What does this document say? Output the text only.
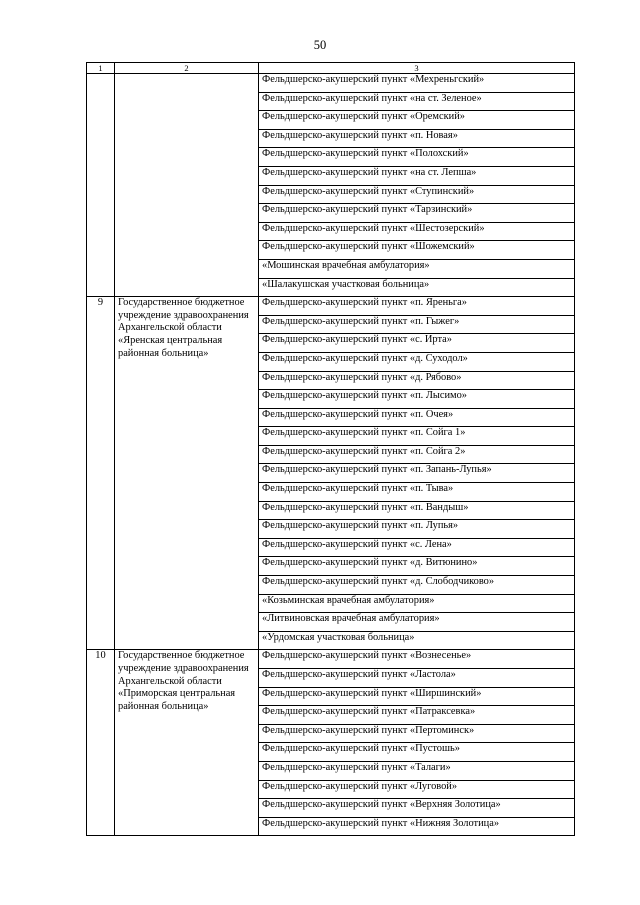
50
1	2	3
		Фельдшерско-акушерский пункт «Мехреньгский»
		Фельдшерско-акушерский пункт «на ст. Зеленое»
		Фельдшерско-акушерский пункт «Оремский»
		Фельдшерско-акушерский пункт «п. Новая»
		Фельдшерско-акушерский пункт «Полохский»
		Фельдшерско-акушерский пункт «на ст. Лепша»
		Фельдшерско-акушерский пункт «Ступинский»
		Фельдшерско-акушерский пункт «Тарзинский»
		Фельдшерско-акушерский пункт «Шестозерский»
		Фельдшерско-акушерский пункт «Шожемский»
		«Мошинская врачебная амбулатория»
		«Шалакушская участковая больница»
9	Государственное бюджетное учреждение здравоохранения Архангельской области «Яренская центральная районная больница»	Фельдшерско-акушерский пункт «п. Яреньга»
		Фельдшерско-акушерский пункт «п. Гыжег»
		Фельдшерско-акушерский пункт «с. Ирта»
		Фельдшерско-акушерский пункт «д. Суходол»
		Фельдшерско-акушерский пункт «д. Рябово»
		Фельдшерско-акушерский пункт «п. Лысимо»
		Фельдшерско-акушерский пункт «п. Очея»
		Фельдшерско-акушерский пункт «п. Сойга 1»
		Фельдшерско-акушерский пункт «п. Сойга 2»
		Фельдшерско-акушерский пункт «п. Запань-Лупья»
		Фельдшерско-акушерский пункт «п. Тыва»
		Фельдшерско-акушерский пункт «п. Вандыш»
		Фельдшерско-акушерский пункт «п. Лупья»
		Фельдшерско-акушерский пункт «с. Лена»
		Фельдшерско-акушерский пункт «д. Витюнино»
		Фельдшерско-акушерский пункт «д. Слободчиково»
		«Козьминская врачебная амбулатория»
		«Литвиновская врачебная амбулатория»
		«Урдомская участковая больница»
10	Государственное бюджетное учреждение здравоохранения Архангельской области «Приморская центральная районная больница»	Фельдшерско-акушерский пункт «Вознесенье»
		Фельдшерско-акушерский пункт «Ластола»
		Фельдшерско-акушерский пункт «Ширшинский»
		Фельдшерско-акушерский пункт «Патраксевка»
		Фельдшерско-акушерский пункт «Пертоминск»
		Фельдшерско-акушерский пункт «Пустошь»
		Фельдшерско-акушерский пункт «Талаги»
		Фельдшерско-акушерский пункт «Луговой»
		Фельдшерско-акушерский пункт «Верхняя Золотица»
		Фельдшерско-акушерский пункт «Нижняя Золотица»
